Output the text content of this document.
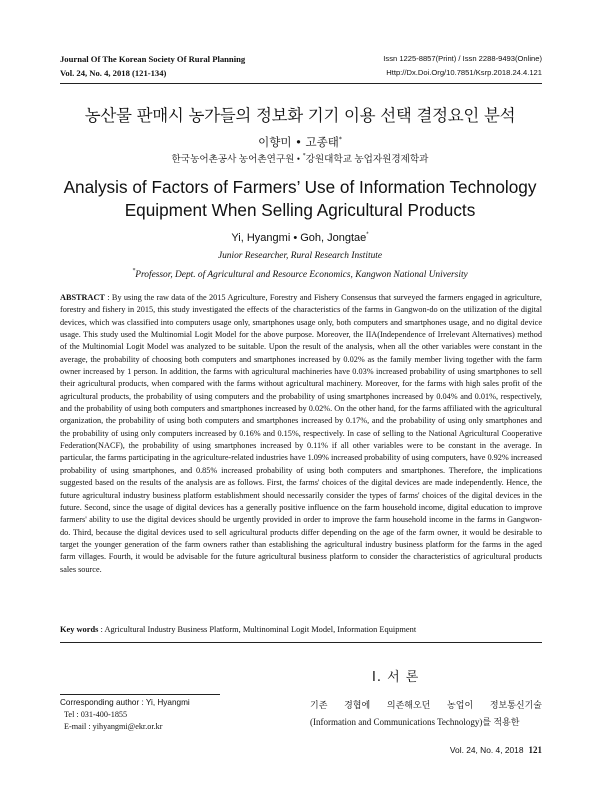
Journal Of The Korean Society Of Rural Planning
Vol. 24, No. 4, 2018 (121-134)
Issn 1225-8857(Print) / Issn 2288-9493(Online)
Http://Dx.Doi.Org/10.7851/Ksrp.2018.24.4.121
농산물 판매시 농가들의 정보화 기기 이용 선택 결정요인 분석
이향미 • 고종태*
한국농어촌공사 농어촌연구원 • *강원대학교 농업자원경제학과
Analysis of Factors of Farmers’ Use of Information Technology Equipment When Selling Agricultural Products
Yi, Hyangmi • Goh, Jongtae*
Junior Researcher, Rural Research Institute
*Professor, Dept. of Agricultural and Resource Economics, Kangwon National University
ABSTRACT : By using the raw data of the 2015 Agriculture, Forestry and Fishery Consensus that surveyed the farmers engaged in agriculture, forestry and fishery in 2015, this study investigated the effects of the characteristics of the farms in Gangwon-do on the utilization of the digital devices, which was classified into computers usage only, smartphones usage only, both computers and smartphones usage, and no digital device usage. This study used the Multinomial Logit Model for the above purpose. Moreover, the IIA(Independence of Irrelevant Alternatives) method of the Multinomial Logit Model was analyzed to be suitable. Upon the result of the analysis, when all the other variables were constant in the average, the probability of choosing both computers and smartphones increased by 0.02% as the family member living together with the farm owner increased by 1 person. In addition, the farms with agricultural machineries have 0.03% increased probability of using smartphones to sell their agricultural products, when compared with the farms without agricultural machinery. Moreover, for the farms with high sales profit of the agricultural products, the probability of using computers and the probability of using smartphones increased by 0.04% and 0.01%, respectively, and the probability of using both computers and smartphones increased by 0.02%. On the other hand, for the farms affiliated with the agricultural organization, the probability of using both computers and smartphones increased by 0.17%, and the probability of using only smartphones and the probability of using only computers increased by 0.16% and 0.15%, respectively. In case of selling to the National Agricultural Cooperative Federation(NACF), the probability of using smartphones increased by 0.11% if all other variables were to be constant in the average. In particular, the farms participating in the agriculture-related industries have 1.09% increased probability of using computers, have 0.92% increased probability of using smartphones, and 0.85% increased probability of using both computers and smartphones. Therefore, the implications suggested based on the results of the analysis are as follows. First, the farms' choices of the digital devices are made independently. Hence, the future agricultural industry business platform establishment should necessarily consider the types of farms' choices of the digital devices in the future. Second, since the usage of digital devices has a generally positive influence on the farm household income, digital education to improve farmers' ability to use the digital devices should be urgently provided in order to improve the farm household income in the farms in Gangwon-do. Third, because the digital devices used to sell agricultural products differ depending on the age of the farm owner, it would be desirable to target the younger generation of the farm owners rather than establishing the agricultural industry business platform for the farms in the aged farm villages. Fourth, it would be advisable for the future agricultural business platform to consider the characteristics of agricultural products sales source.
Key words : Agricultural Industry Business Platform, Multinominal Logit Model, Information Equipment
Ⅰ. 서 론
Corresponding author : Yi, Hyangmi
Tel : 031-400-1855
E-mail : yihyangmi@ekr.or.kr
기존 경협에 의존해오던 농업이 정보통신기술
(Information and Communications Technology)를 적용한
Vol. 24, No. 4, 2018 121
